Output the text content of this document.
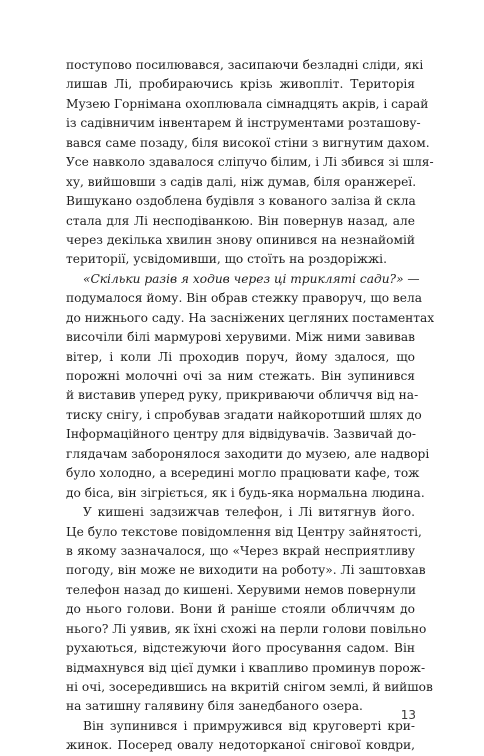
поступово посилювався, засипаючи безладні сліди, які
лишав Лі, пробираючись крізь живопліт. Територія
Музею Горнімана охоплювала сімнадцять акрів, і сарай
із садівничим інвентарем й інструментами розташову-
вався саме позаду, біля високої стіни з вигнутим дахом.
Усе навколо здавалося сліпучо білим, і Лі збився зі шля-
ху, вийшовши з садів далі, ніж думав, біля оранжереї.
Вишукано оздоблена будівля з кованого заліза й скла
стала для Лі несподіванкою. Він повернув назад, але
через декілька хвилин знову опинився на незнайомій
території, усвідомивши, що стоїть на роздоріжжі.
«Скільки разів я ходив через ці триклятi сади?» —
подумалося йому. Він обрав стежку праворуч, що вела
до нижнього саду. На засніжених цегляних постаментах
височіли білі мармурові херувими. Між ними завивав
вітер, і коли Лі проходив поруч, йому здалося, що
порожні молочні очі за ним стежать. Він зупинився
й виставив уперед руку, прикриваючи обличчя від на-
тиску снігу, і спробував згадати найкоротший шлях до
Інформаційного центру для відвідувачів. Зазвичай до-
глядачам заборонялося заходити до музею, але надворі
було холодно, а всередині могло працювати кафе, тож
до біса, він зігріється, як і будь-яка нормальна людина.
У кишені задзижчав телефон, і Лі витягнув його.
Це було текстове повідомлення від Центру зайнятості,
в якому зазначалося, що «Через вкрай несприятливу
погоду, він може не виходити на роботу». Лі заштовхав
телефон назад до кишені. Херувими немов повернули
до нього голови. Вони й раніше стояли обличчям до
нього? Лі уявив, як їхні схожі на перли голови повільно
рухаються, відстежуючи його просування садом. Він
відмахнувся від цієї думки і квапливо проминув порож-
ні очі, зосередившись на вкритій снігом землі, й вийшов
на затишну галявину біля занедбаного озера.
Він зупинився і примружився від круговерті кри-
жинок. Посеред овалу недоторканої снігової ковдри,
13
